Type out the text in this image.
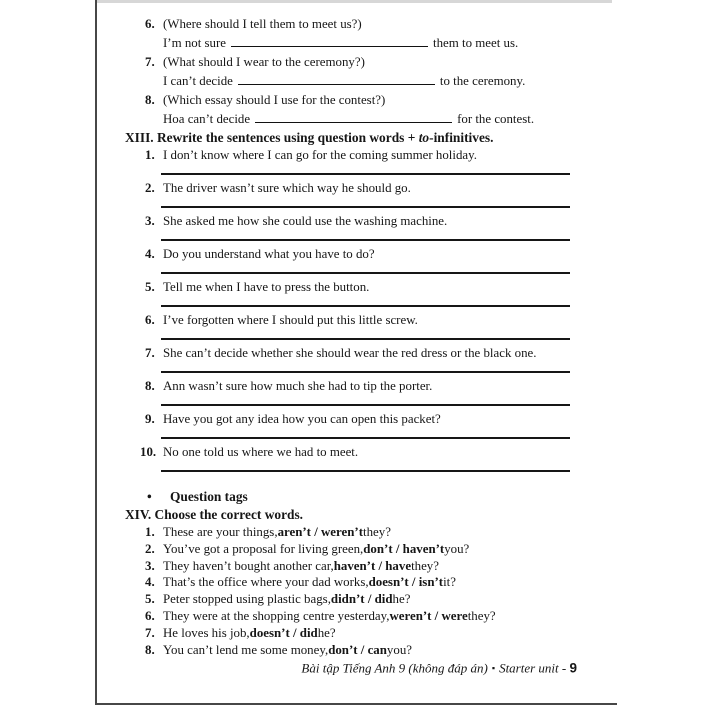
6. (Where should I tell them to meet us?)
I’m not sure	them to meet us.
7. (What should I wear to the ceremony?)
I can’t decide	to the ceremony.
8. (Which essay should I use for the contest?)
Hoa can’t decide	for the contest.
XIII. Rewrite the sentences using question words + to-infinitives.
1. I don’t know where I can go for the coming summer holiday.
2. The driver wasn’t sure which way he should go.
3. She asked me how she could use the washing machine.
4. Do you understand what you have to do?
5. Tell me when I have to press the button.
6. I’ve forgotten where I should put this little screw.
7. She can’t decide whether she should wear the red dress or the black one.
8. Ann wasn’t sure how much she had to tip the porter.
9. Have you got any idea how you can open this packet?
10. No one told us where we had to meet.
•	Question tags
XIV. Choose the correct words.
1. These are your things, aren’t / weren’t they?
2. You’ve got a proposal for living green, don’t / haven’t you?
3. They haven’t bought another car, haven’t / have they?
4. That’s the office where your dad works, doesn’t / isn’t it?
5. Peter stopped using plastic bags, didn’t / did he?
6. They were at the shopping centre yesterday, weren’t / were they?
7. He loves his job, doesn’t / did he?
8. You can’t lend me some money, don’t / can you?
Bài tập Tiếng Anh 9 (không đáp án) ▪ Starter unit - 9
